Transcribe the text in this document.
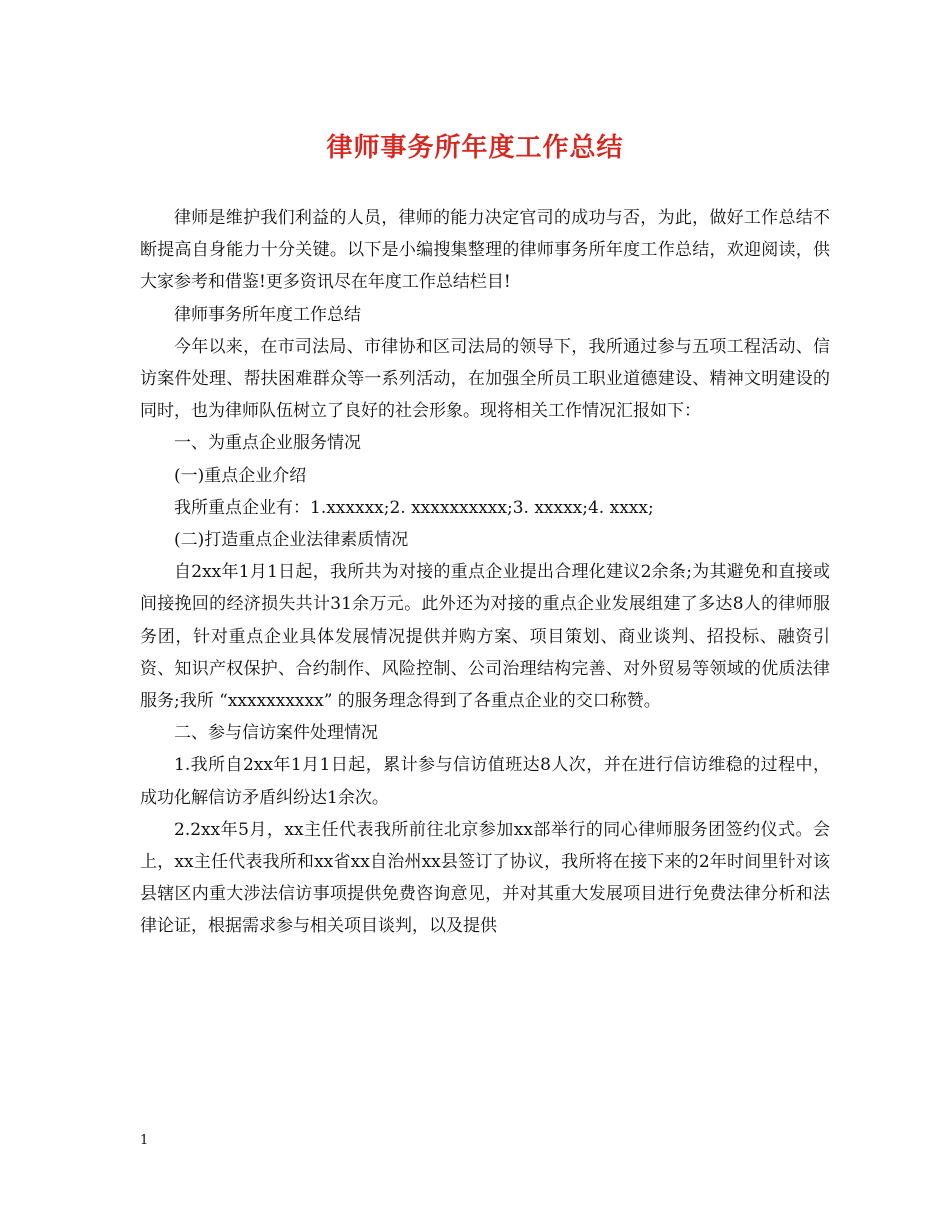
律师事务所年度工作总结

律师是维护我们利益的人员，律师的能力决定官司的成功与否，为此，做好工作总结不断提高自身能力十分关键。以下是小编搜集整理的律师事务所年度工作总结，欢迎阅读，供大家参考和借鉴!更多资讯尽在年度工作总结栏目!

律师事务所年度工作总结

今年以来，在市司法局、市律协和区司法局的领导下，我所通过参与五项工程活动、信访案件处理、帮扶困难群众等一系列活动，在加强全所员工职业道德建设、精神文明建设的同时，也为律师队伍树立了良好的社会形象。现将相关工作情况汇报如下：

一、为重点企业服务情况

(一)重点企业介绍

我所重点企业有：1.xxxxxx;2. xxxxxxxxxx;3. xxxxx;4. xxxx;

(二)打造重点企业法律素质情况

自2xx年1月1日起，我所共为对接的重点企业提出合理化建议2余条;为其避免和直接或间接挽回的经济损失共计31余万元。此外还为对接的重点企业发展组建了多达8人的律师服务团，针对重点企业具体发展情况提供并购方案、项目策划、商业谈判、招投标、融资引资、知识产权保护、合约制作、风险控制、公司治理结构完善、对外贸易等领域的优质法律服务;我所 “xxxxxxxxxx” 的服务理念得到了各重点企业的交口称赞。

二、参与信访案件处理情况

1.我所自2xx年1月1日起，累计参与信访值班达8人次，并在进行信访维稳的过程中，成功化解信访矛盾纠纷达1余次。

2.2xx年5月，xx主任代表我所前往北京参加xx部举行的同心律师服务团签约仪式。会上，xx主任代表我所和xx省xx自治州xx县签订了协议，我所将在接下来的2年时间里针对该县辖区内重大涉法信访事项提供免费咨询意见，并对其重大发展项目进行免费法律分析和法律论证，根据需求参与相关项目谈判，以及提供

1
